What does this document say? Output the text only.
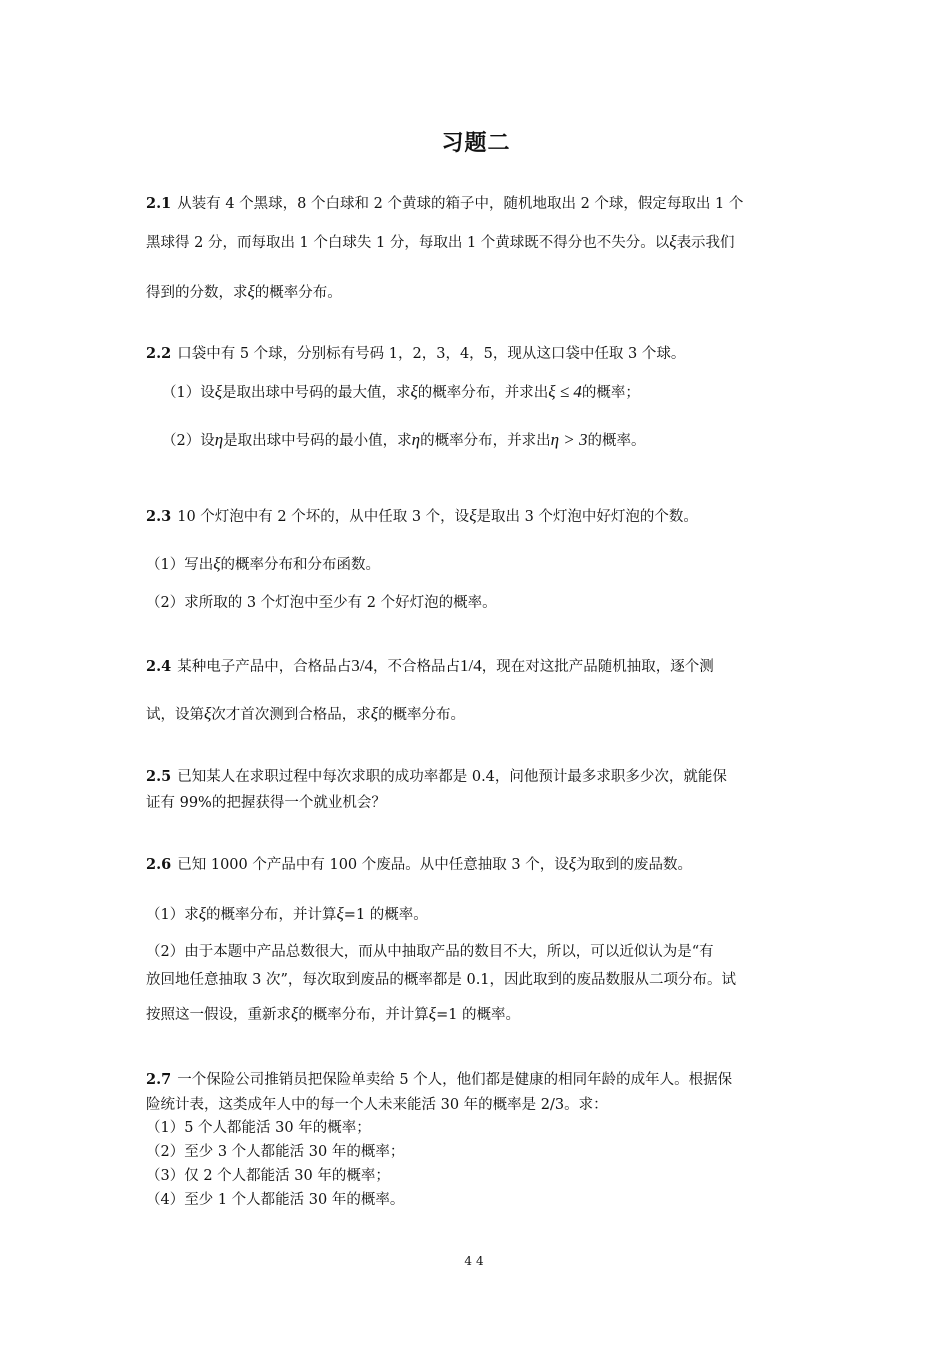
习题二
2.1 从装有 4 个黑球，8 个白球和 2 个黄球的箱子中，随机地取出 2 个球，假定每取出 1 个
黑球得 2 分，而每取出 1 个白球失 1 分，每取出 1 个黄球既不得分也不失分。以ξ表示我们
得到的分数，求ξ的概率分布。
2.2 口袋中有 5 个球，分别标有号码 1，2，3，4，5，现从这口袋中任取 3 个球。
（1）设ξ是取出球中号码的最大值，求ξ的概率分布，并求出ξ ≤ 4的概率；
（2）设η是取出球中号码的最小值，求η的概率分布，并求出η > 3的概率。
2.3 10 个灯泡中有 2 个坏的，从中任取 3 个，设ξ是取出 3 个灯泡中好灯泡的个数。
（1）写出ξ的概率分布和分布函数。
（2）求所取的 3 个灯泡中至少有 2 个好灯泡的概率。
2.4 某种电子产品中，合格品占3/4，不合格品占1/4，现在对这批产品随机抽取，逐个测
试，设第ξ次才首次测到合格品，求ξ的概率分布。
2.5 已知某人在求职过程中每次求职的成功率都是 0.4，问他预计最多求职多少次，就能保
证有 99%的把握获得一个就业机会？
2.6 已知 1000 个产品中有 100 个废品。从中任意抽取 3 个，设ξ为取到的废品数。
（1）求ξ的概率分布，并计算ξ=1 的概率。
（2）由于本题中产品总数很大，而从中抽取产品的数目不大，所以，可以近似认为是“有
放回地任意抽取 3 次”，每次取到废品的概率都是 0.1，因此取到的废品数服从二项分布。试
按照这一假设，重新求ξ的概率分布，并计算ξ=1 的概率。
2.7 一个保险公司推销员把保险单卖给 5 个人，他们都是健康的相同年龄的成年人。根据保
险统计表，这类成年人中的每一个人未来能活 30 年的概率是 2/3。求：
（1）5 个人都能活 30 年的概率；
（2）至少 3 个人都能活 30 年的概率；
（3）仅 2 个人都能活 30 年的概率；
（4）至少 1 个人都能活 30 年的概率。
44
